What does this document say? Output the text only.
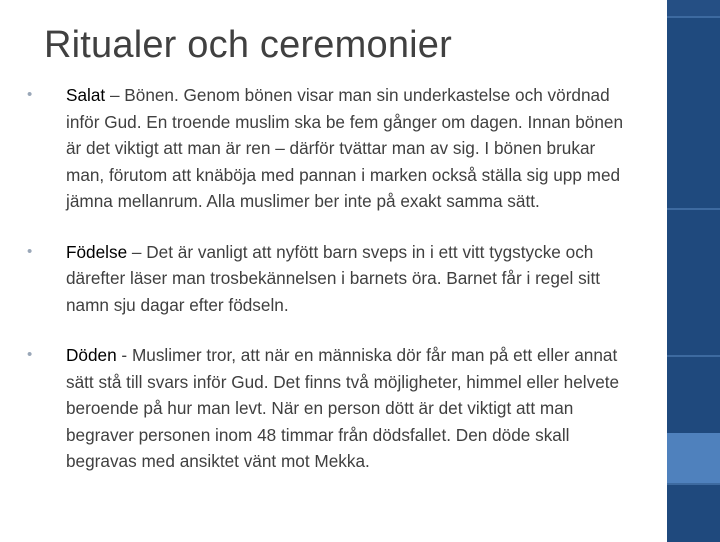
Ritualer och ceremonier
• Salat – Bönen. Genom bönen visar man sin underkastelse och vördnad inför Gud. En troende muslim ska be fem gånger om dagen. Innan bönen är det viktigt att man är ren – därför tvättar man av sig. I bönen brukar man, förutom att knäböja med pannan i marken också ställa sig upp med jämna mellanrum. Alla muslimer ber inte på exakt samma sätt.
• Födelse – Det är vanligt att nyfött barn sveps in i ett vitt tygstycke och därefter läser man trosbekännelsen i barnets öra. Barnet får i regel sitt namn sju dagar efter födseln.
• Döden - Muslimer tror, att när en människa dör får man på ett eller annat sätt stå till svars inför Gud. Det finns två möjligheter, himmel eller helvete beroende på hur man levt. När en person dött är det viktigt att man begraver personen inom 48 timmar från dödsfallet. Den döde skall begravas med ansiktet vänt mot Mekka.
